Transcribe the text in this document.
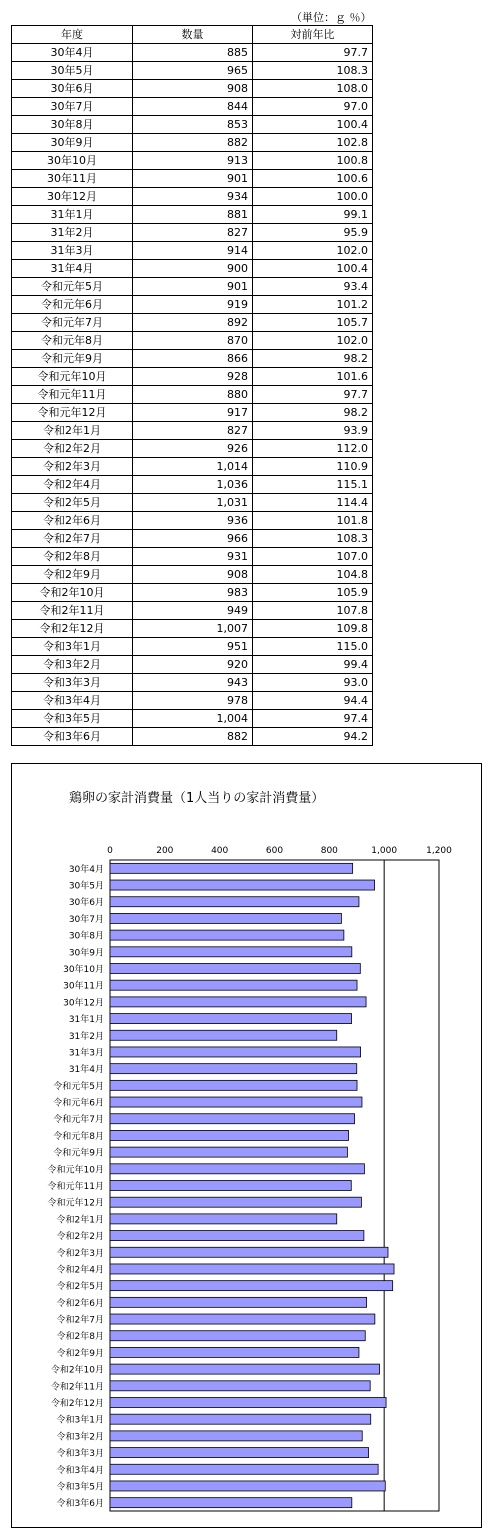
（単位：ｇ ％）
年度	数量	対前年比
30年4月	885	97.7
30年5月	965	108.3
30年6月	908	108.0
30年7月	844	97.0
30年8月	853	100.4
30年9月	882	102.8
30年10月	913	100.8
30年11月	901	100.6
30年12月	934	100.0
31年1月	881	99.1
31年2月	827	95.9
31年3月	914	102.0
31年4月	900	100.4
令和元年5月	901	93.4
令和元年6月	919	101.2
令和元年7月	892	105.7
令和元年8月	870	102.0
令和元年9月	866	98.2
令和元年10月	928	101.6
令和元年11月	880	97.7
令和元年12月	917	98.2
令和2年1月	827	93.9
令和2年2月	926	112.0
令和2年3月	1,014	110.9
令和2年4月	1,036	115.1
令和2年5月	1,031	114.4
令和2年6月	936	101.8
令和2年7月	966	108.3
令和2年8月	931	107.0
令和2年9月	908	104.8
令和2年10月	983	105.9
令和2年11月	949	107.8
令和2年12月	1,007	109.8
令和3年1月	951	115.0
令和3年2月	920	99.4
令和3年3月	943	93.0
令和3年4月	978	94.4
令和3年5月	1,004	97.4
令和3年6月	882	94.2
鶏卵の家計消費量（1人当りの家計消費量）
0	200	400	600	800	1,000	1,200
30年4月
30年5月
30年6月
30年7月
30年8月
30年9月
30年10月
30年11月
30年12月
31年1月
31年2月
31年3月
31年4月
令和元年5月
令和元年6月
令和元年7月
令和元年8月
令和元年9月
令和元年10月
令和元年11月
令和元年12月
令和2年1月
令和2年2月
令和2年3月
令和2年4月
令和2年5月
令和2年6月
令和2年7月
令和2年8月
令和2年9月
令和2年10月
令和2年11月
令和2年12月
令和3年1月
令和3年2月
令和3年3月
令和3年4月
令和3年5月
令和3年6月
